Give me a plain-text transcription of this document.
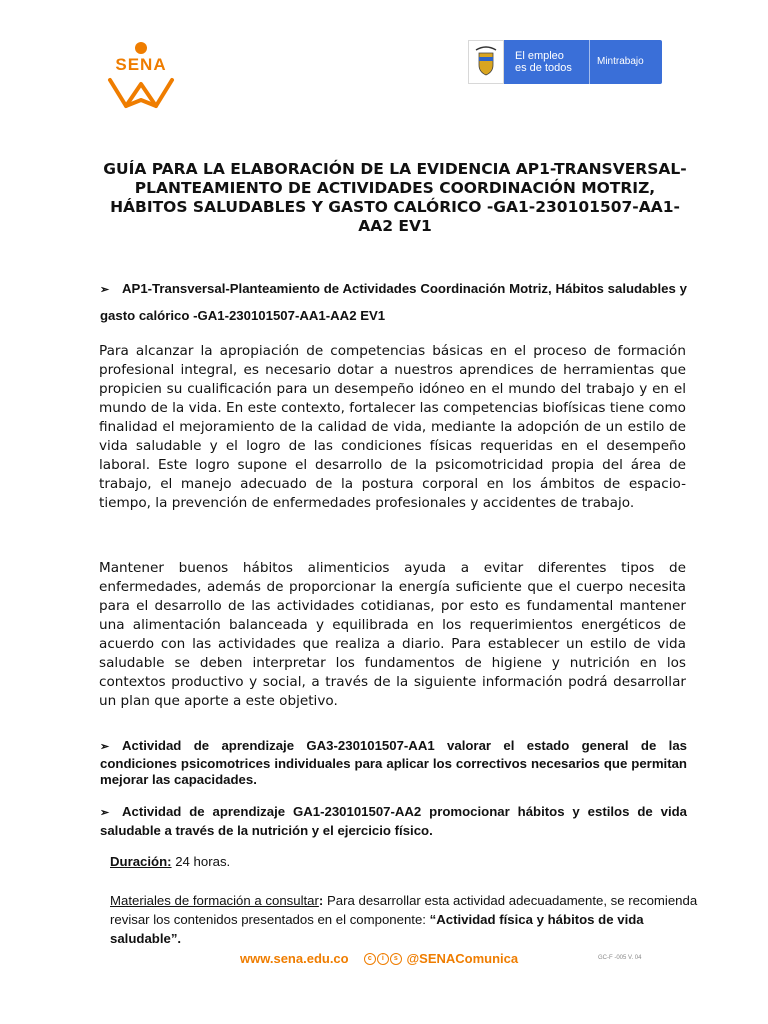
SENA	El empleo
es de todos
Mintrabajo
GUÍA PARA LA ELABORACIÓN DE LA EVIDENCIA AP1-TRANSVERSAL-PLANTEAMIENTO DE ACTIVIDADES COORDINACIÓN MOTRIZ, HÁBITOS SALUDABLES Y GASTO CALÓRICO -GA1-230101507-AA1-AA2 EV1
➢ AP1-Transversal-Planteamiento de Actividades Coordinación Motriz, Hábitos saludables y gasto calórico -GA1-230101507-AA1-AA2 EV1
Para alcanzar la apropiación de competencias básicas en el proceso de formación profesional integral, es necesario dotar a nuestros aprendices de herramientas que propicien su cualificación para un desempeño idóneo en el mundo del trabajo y en el mundo de la vida. En este contexto, fortalecer las competencias biofísicas tiene como finalidad el mejoramiento de la calidad de vida, mediante la adopción de un estilo de vida saludable y el logro de las condiciones físicas requeridas en el desempeño laboral. Este logro supone el desarrollo de la psicomotricidad propia del área de trabajo, el manejo adecuado de la postura corporal en los ámbitos de espacio- tiempo, la prevención de enfermedades profesionales y accidentes de trabajo.
Mantener buenos hábitos alimenticios ayuda a evitar diferentes tipos de enfermedades, además de proporcionar la energía suficiente que el cuerpo necesita para el desarrollo de las actividades cotidianas, por esto es fundamental mantener una alimentación balanceada y equilibrada en los requerimientos energéticos de acuerdo con las actividades que realiza a diario. Para establecer un estilo de vida saludable se deben interpretar los fundamentos de higiene y nutrición en los contextos productivo y social, a través de la siguiente información podrá desarrollar un plan que aporte a este objetivo.
➢ Actividad de aprendizaje GA3-230101507-AA1 valorar el estado general de las condiciones psicomotrices individuales para aplicar los correctivos necesarios que permitan mejorar las capacidades.
➢ Actividad de aprendizaje GA1-230101507-AA2 promocionar hábitos y estilos de vida saludable a través de la nutrición y el ejercicio físico.
Duración: 24 horas.
Materiales de formación a consultar: Para desarrollar esta actividad adecuadamente, se recomienda revisar los contenidos presentados en el componente: “Actividad física y hábitos de vida saludable”.
www.sena.edu.co	c i s @SENAComunica	GC-F -005 V. 04
